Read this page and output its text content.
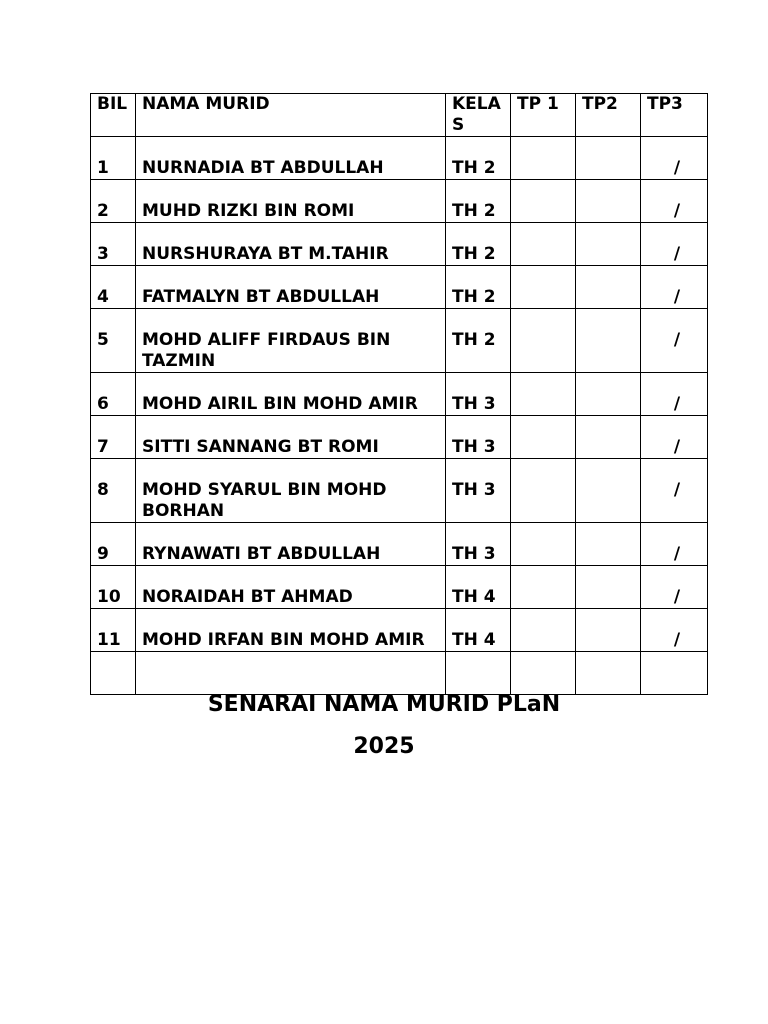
BIL	NAMA MURID	KELAS	TP 1	TP2	TP3

1	NURNADIA BT ABDULLAH	TH 2			/

2	MUHD RIZKI BIN ROMI	TH 2			/

3	NURSHURAYA BT M.TAHIR	TH 2			/

4	FATMALYN BT ABDULLAH	TH 2			/

5	MOHD ALIFF FIRDAUS BIN TAZMIN	TH 2			/

6	MOHD AIRIL BIN MOHD AMIR	TH 3			/

7	SITTI SANNANG BT ROMI	TH 3			/

8	MOHD SYARUL BIN MOHD BORHAN	TH 3			/

9	RYNAWATI BT ABDULLAH	TH 3			/

10	NORAIDAH BT AHMAD	TH 4			/

11	MOHD IRFAN BIN MOHD AMIR	TH 4			/

SENARAI NAMA MURID PLaN
2025
